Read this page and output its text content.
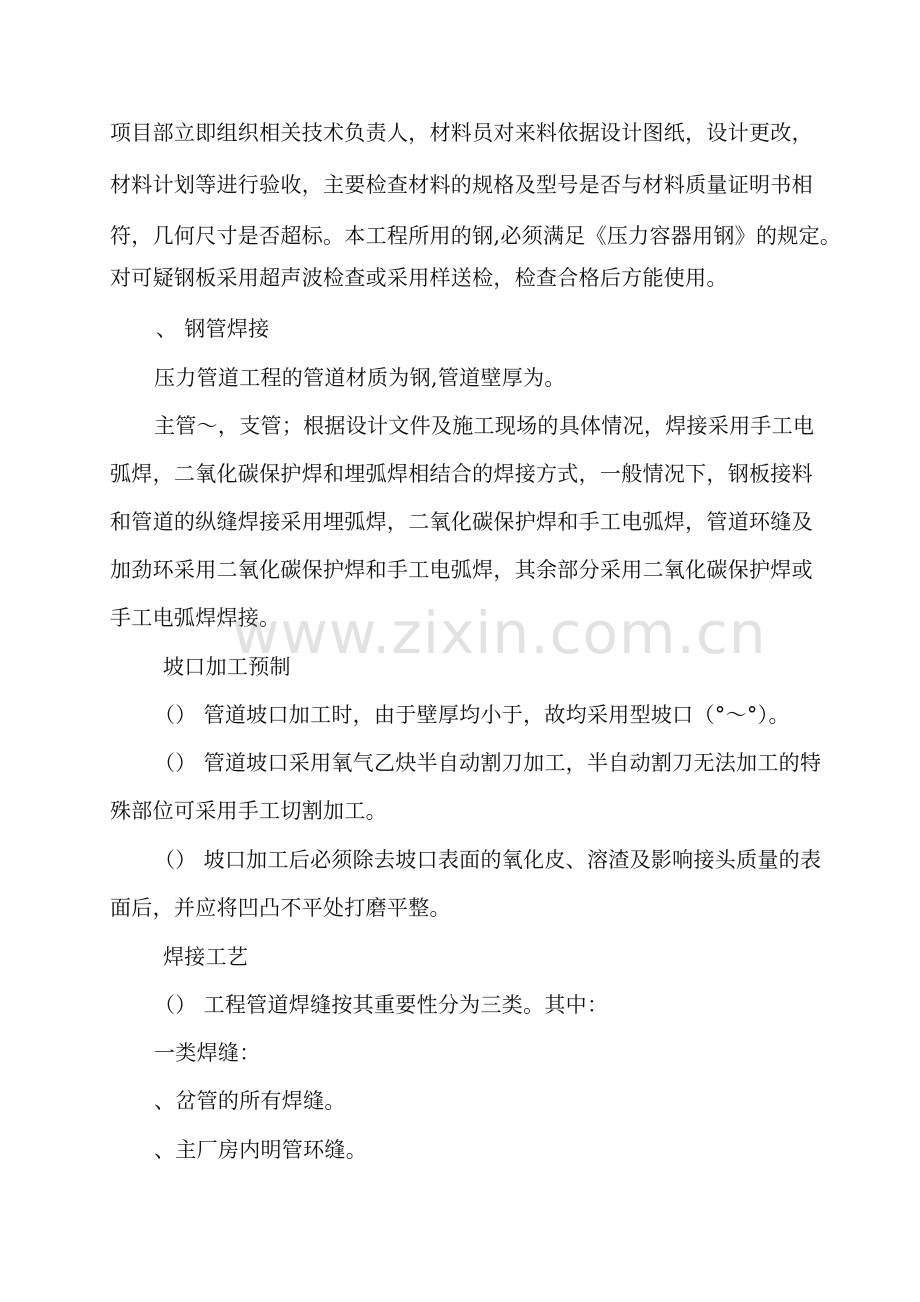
项目部立即组织相关技术负责人，材料员对来料依据设计图纸，设计更改，
材料计划等进行验收，主要检查材料的规格及型号是否与材料质量证明书相
符，几何尺寸是否超标。本工程所用的钢,必须满足《压力容器用钢》的规定。
对可疑钢板采用超声波检查或采用样送检，检查合格后方能使用。
、 钢管焊接
压力管道工程的管道材质为钢,管道壁厚为。
主管～，支管；根据设计文件及施工现场的具体情况，焊接采用手工电
弧焊，二氧化碳保护焊和埋弧焊相结合的焊接方式，一般情况下，钢板接料
和管道的纵缝焊接采用埋弧焊，二氧化碳保护焊和手工电弧焊，管道环缝及
加劲环采用二氧化碳保护焊和手工电弧焊，其余部分采用二氧化碳保护焊或
手工电弧焊焊接。
坡口加工预制
（） 管道坡口加工时，由于壁厚均小于，故均采用型坡口（°～°）。
（） 管道坡口采用氧气乙炔半自动割刀加工，半自动割刀无法加工的特
殊部位可采用手工切割加工。
（） 坡口加工后必须除去坡口表面的氧化皮、溶渣及影响接头质量的表
面后，并应将凹凸不平处打磨平整。
焊接工艺
（） 工程管道焊缝按其重要性分为三类。其中：
一类焊缝：
、岔管的所有焊缝。
、主厂房内明管环缝。
www.zixin.com.cn
